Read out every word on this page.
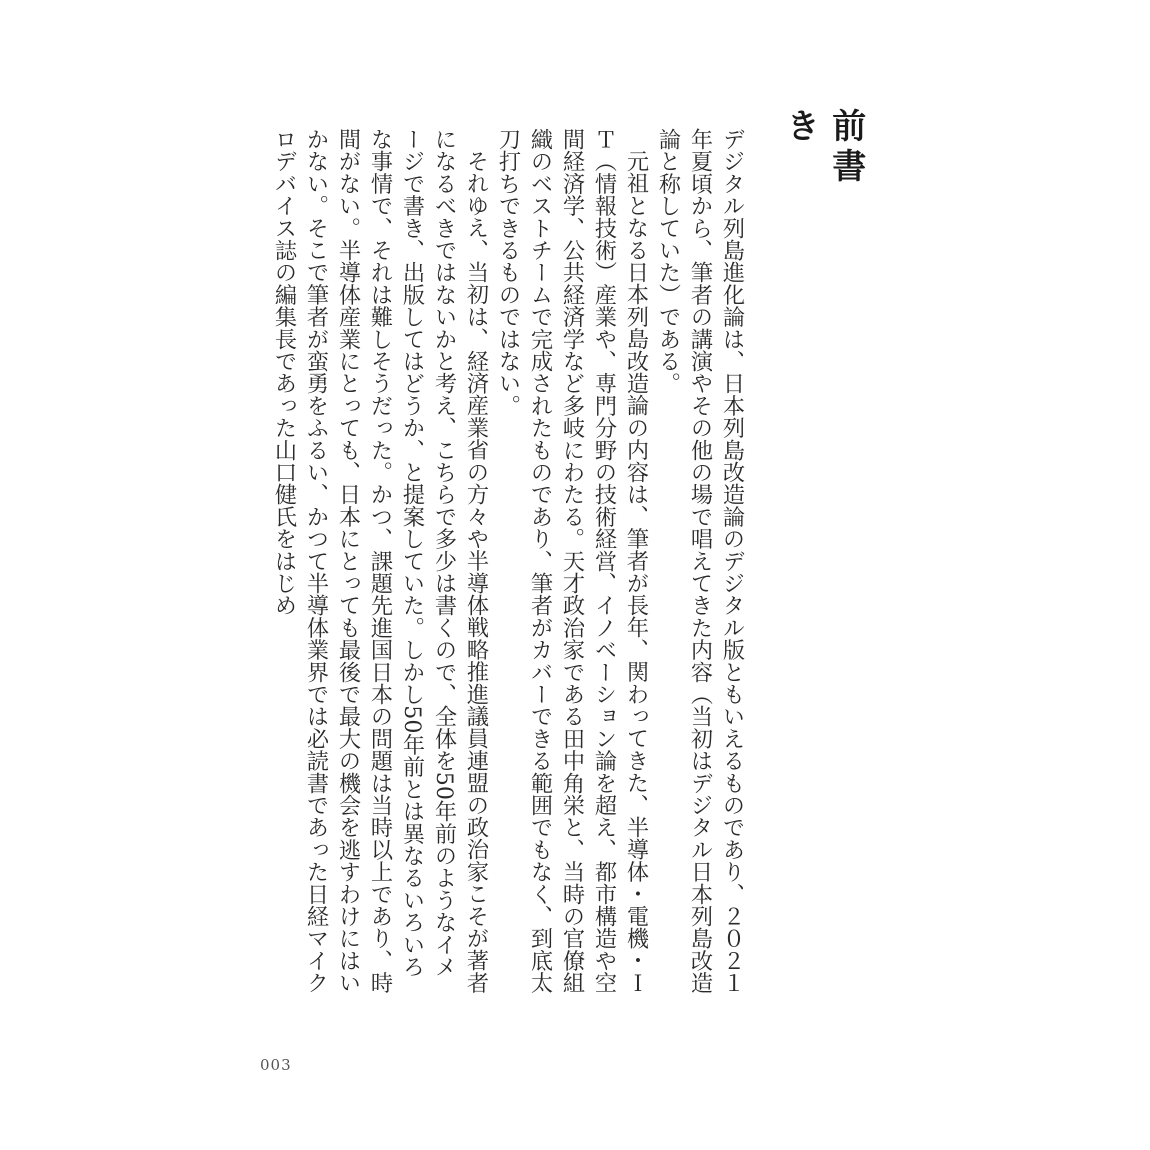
前書き

デジタル列島進化論は、日本列島改造論のデジタル版ともいえるものであり、２０２１年夏頃から、筆者の講演やその他の場で唱えてきた内容（当初はデジタル日本列島改造論と称していた）である。

元祖となる日本列島改造論の内容は、筆者が長年、関わってきた、半導体・電機・ＩＴ（情報技術）産業や、専門分野の技術経営、イノベーション論を超え、都市構造や空間経済学、公共経済学など多岐にわたる。天才政治家である田中角栄と、当時の官僚組織のベストチームで完成されたものであり、筆者がカバーできる範囲でもなく、到底太刀打ちできるものではない。

それゆえ、当初は、経済産業省の方々や半導体戦略推進議員連盟の政治家こそが著者になるべきではないかと考え、こちらで多少は書くので、全体を50年前のようなイメージで書き、出版してはどうか、と提案していた。しかし50年前とは異なるいろいろな事情で、それは難しそうだった。かつ、課題先進国日本の問題は当時以上であり、時間がない。半導体産業にとっても、日本にとっても最後で最大の機会を逃すわけにはいかない。そこで筆者が蛮勇をふるい、かつて半導体業界では必読書であった日経マイクロデバイス誌の編集長であった山口健氏をはじめ

003
